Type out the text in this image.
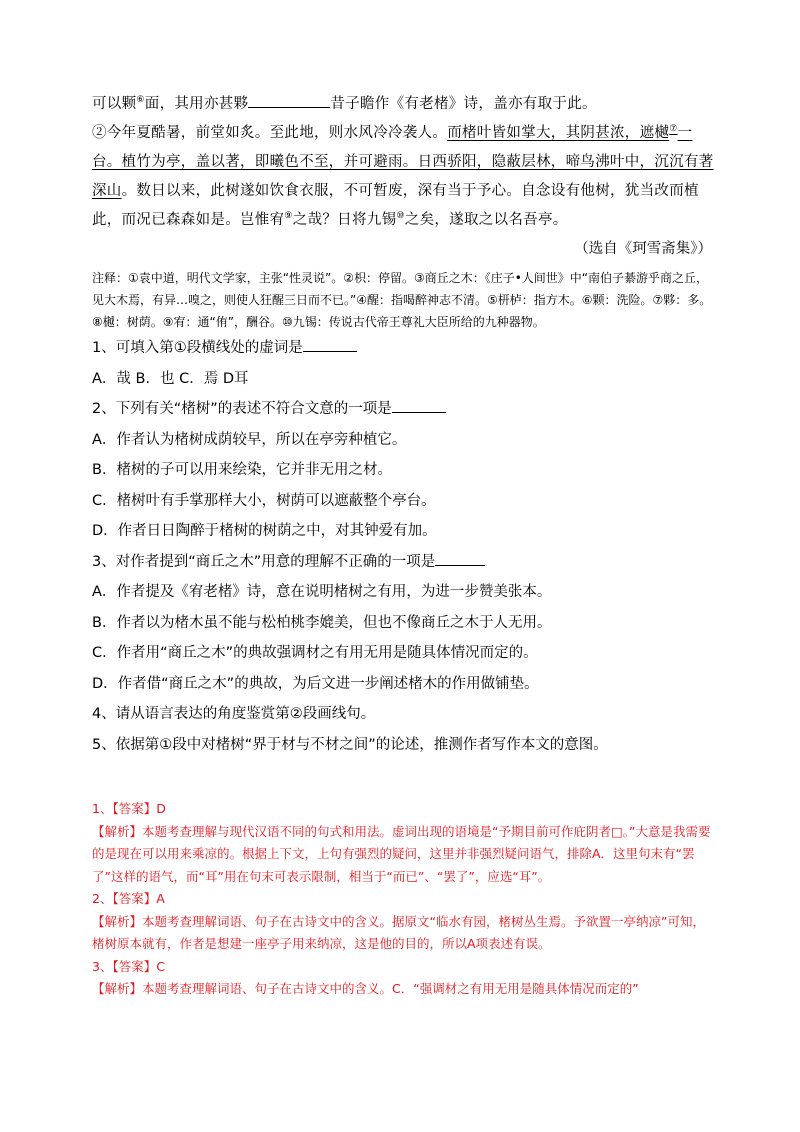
可以颗⑥面，其用亦甚夥	昔子瞻作《有老楮》诗，盖亦有取于此。

②今年夏酷暑，前堂如炙。至此地，则水风冷冷袭人。而楮叶皆如掌大，其阴甚浓，遮樾⑦一台。植竹为亭，盖以著，即曦色不至，并可避雨。日西骄阳，隐蔽层林，啼鸟沸叶中，沉沉有著深山。数日以来，此树遂如饮食衣服，不可暂废，深有当于予心。自念设有他树，犹当改而植此，而况已森森如是。岂惟宥⑨之哉？日将九锡⑩之矣，遂取之以名吾亭。

（选自《珂雪斋集》）

注释：①袁中道，明代文学家，主张“性灵说”。②枳：停留。③商丘之木：《庄子•人间世》中“南伯子綦游乎商之丘，见大木焉，有异…嗅之，则使人狂醒三日而不已。”④醒：指喝醉神志不清。⑤枅栌：指方木。⑥颗：洗险。⑦夥：多。⑧樾：树荫。⑨宥：通“侑”，酬谷。⑩九锡：传说古代帝王尊礼大臣所给的九种器物。

1、可填入第①段横线处的虚词是

A．哉 B．也 C．焉 D耳

2、下列有关“楮树”的表述不符合文意的一项是

A．作者认为楮树成荫较早，所以在亭旁种植它。

B．楮树的子可以用来绘染，它并非无用之材。

C．楮树叶有手掌那样大小，树荫可以遮蔽整个亭台。

D．作者日日陶醉于楮树的树荫之中，对其钟爱有加。

3、对作者提到“商丘之木”用意的理解不正确的一项是

A．作者提及《宥老楮》诗，意在说明楮树之有用，为进一步赞美张本。

B．作者以为楮木虽不能与松柏桃李媲美，但也不像商丘之木于人无用。

C．作者用“商丘之木”的典故强调材之有用无用是随具体情况而定的。

D．作者借“商丘之木”的典故，为后文进一步阐述楮木的作用做铺垫。

4、请从语言表达的角度鉴赏第②段画线句。

5、依据第①段中对楮树“界于材与不材之间”的论述，推测作者写作本文的意图。

1、【答案】D

【解析】本题考查理解与现代汉语不同的句式和用法。虚词出现的语境是“予期目前可作庇阴者□。”大意是我需要的是现在可以用来乘凉的。根据上下文，上句有强烈的疑问，这里并非强烈疑问语气，排除A．这里句末有“罢了”这样的语气，而“耳”用在句末可表示限制，相当于“而已”、“罢了”，应选“耳”。

2、【答案】A

【解析】本题考查理解词语、句子在古诗文中的含义。据原文“临水有园，楮树丛生焉。予欲置一亭纳凉”可知，楮树原本就有，作者是想建一座亭子用来纳凉，这是他的目的，所以A项表述有误。

3、【答案】C

【解析】本题考查理解词语、句子在古诗文中的含义。C．“强调材之有用无用是随具体情况而定的”
